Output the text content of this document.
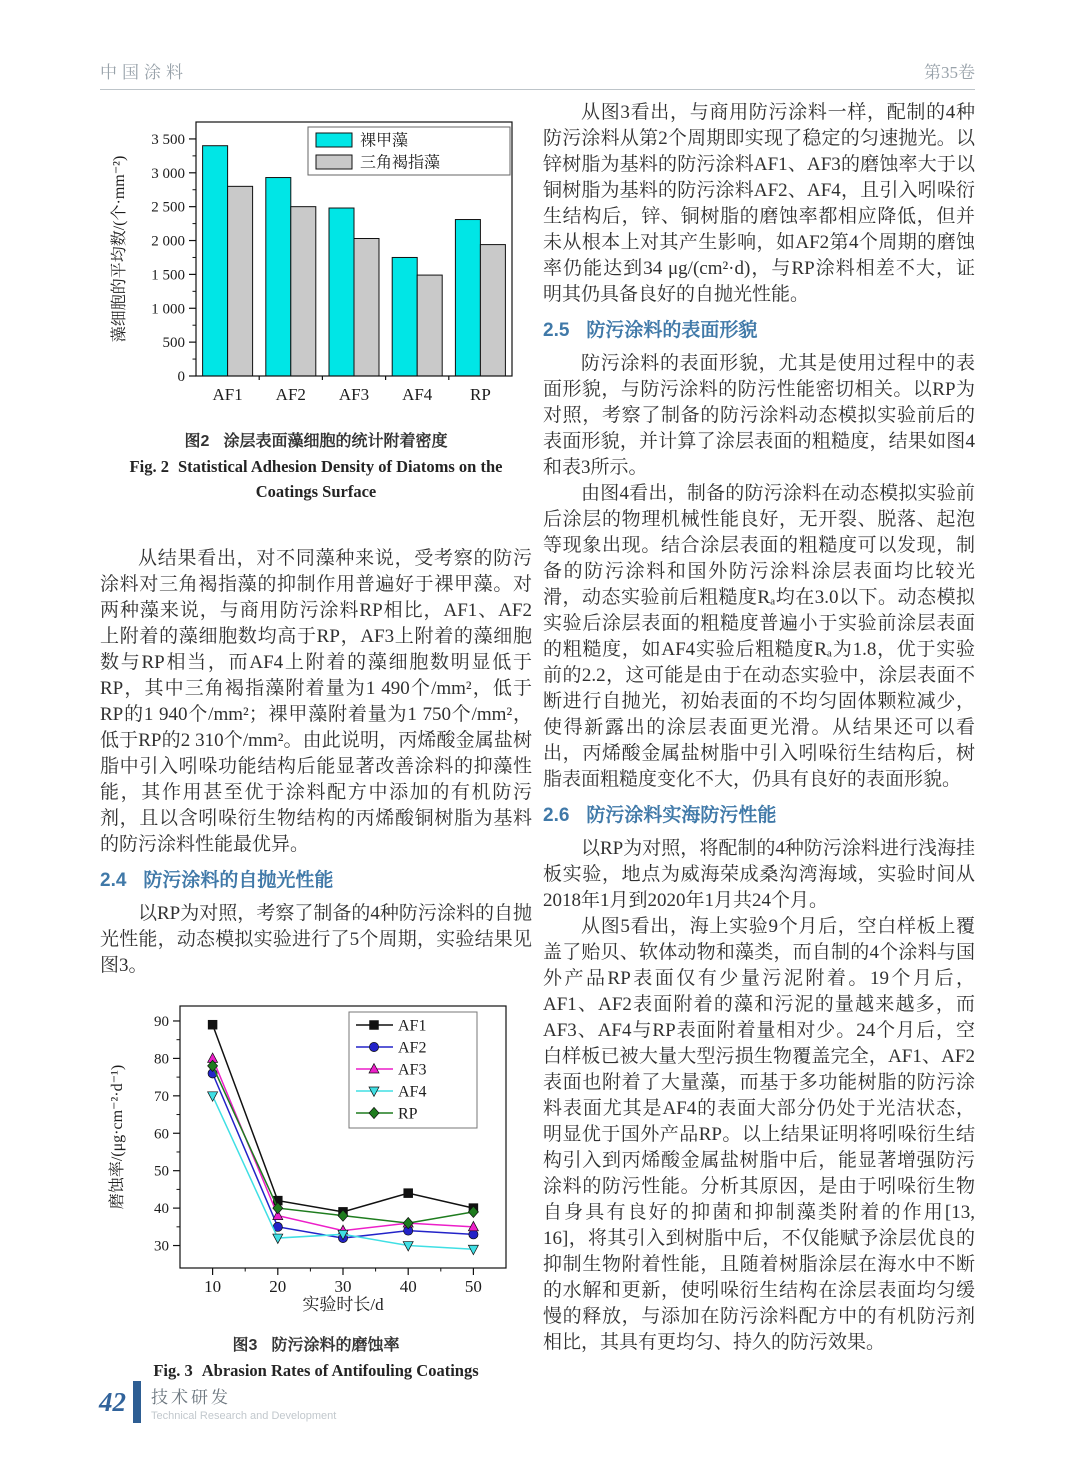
中国涂料	第35卷
0
500
1 000
1 500
2 000
2 500
3 000
3 500
AF1 AF2 AF3 AF4 RP
裸甲藻
三角褐指藻
藻细胞的平均数/(个·mm⁻²)
图2 涂层表面藻细胞的统计附着密度
Fig. 2 Statistical Adhesion Density of Diatoms on the Coatings Surface

从结果看出，对不同藻种来说，受考察的防污涂料对三角褐指藻的抑制作用普遍好于裸甲藻。对两种藻来说，与商用防污涂料RP相比，AF1、AF2上附着的藻细胞数均高于RP，AF3上附着的藻细胞数与RP相当，而AF4上附着的藻细胞数明显低于RP，其中三角褐指藻附着量为1 490个/mm²，低于RP的1 940个/mm²；裸甲藻附着量为1 750个/mm²，低于RP的2 310个/mm²。由此说明，丙烯酸金属盐树脂中引入吲哚功能结构后能显著改善涂料的抑藻性能，其作用甚至优于涂料配方中添加的有机防污剂，且以含吲哚衍生物结构的丙烯酸铜树脂为基料的防污涂料性能最优异。

2.4 防污涂料的自抛光性能

以RP为对照，考察了制备的4种防污涂料的自抛光性能，动态模拟实验进行了5个周期，实验结果见图3。

30
40
50
60
70
80
90
10	20	30	40	50
AF1
AF2
AF3
AF4
RP
实验时长/d
磨蚀率/(μg·cm⁻²·d⁻¹)
图3 防污涂料的磨蚀率
Fig. 3 Abrasion Rates of Antifouling Coatings

从图3看出，与商用防污涂料一样，配制的4种防污涂料从第2个周期即实现了稳定的匀速抛光。以锌树脂为基料的防污涂料AF1、AF3的磨蚀率大于以铜树脂为基料的防污涂料AF2、AF4，且引入吲哚衍生结构后，锌、铜树脂的磨蚀率都相应降低，但并未从根本上对其产生影响，如AF2第4个周期的磨蚀率仍能达到34 μg/(cm²·d)，与RP涂料相差不大，证明其仍具备良好的自抛光性能。

2.5 防污涂料的表面形貌

防污涂料的表面形貌，尤其是使用过程中的表面形貌，与防污涂料的防污性能密切相关。以RP为对照，考察了制备的防污涂料动态模拟实验前后的表面形貌，并计算了涂层表面的粗糙度，结果如图4和表3所示。

由图4看出，制备的防污涂料在动态模拟实验前后涂层的物理机械性能良好，无开裂、脱落、起泡等现象出现。结合涂层表面的粗糙度可以发现，制备的防污涂料和国外防污涂料涂层表面均比较光滑，动态实验前后粗糙度Rₐ均在3.0以下。动态模拟实验后涂层表面的粗糙度普遍小于实验前涂层表面的粗糙度，如AF4实验后粗糙度Rₐ为1.8，优于实验前的2.2，这可能是由于在动态实验中，涂层表面不断进行自抛光，初始表面的不均匀固体颗粒减少，使得新露出的涂层表面更光滑。从结果还可以看出，丙烯酸金属盐树脂中引入吲哚衍生结构后，树脂表面粗糙度变化不大，仍具有良好的表面形貌。

2.6 防污涂料实海防污性能

以RP为对照，将配制的4种防污涂料进行浅海挂板实验，地点为威海荣成桑沟湾海域，实验时间从2018年1月到2020年1月共24个月。

从图5看出，海上实验9个月后，空白样板上覆盖了贻贝、软体动物和藻类，而自制的4个涂料与国外产品RP表面仅有少量污泥附着。19个月后，AF1、AF2表面附着的藻和污泥的量越来越多，而AF3、AF4与RP表面附着量相对少。24个月后，空白样板已被大量大型污损生物覆盖完全，AF1、AF2表面也附着了大量藻，而基于多功能树脂的防污涂料表面尤其是AF4的表面大部分仍处于光洁状态，明显优于国外产品RP。以上结果证明将吲哚衍生结构引入到丙烯酸金属盐树脂中后，能显著增强防污涂料的防污性能。分析其原因，是由于吲哚衍生物自身具有良好的抑菌和抑制藻类附着的作用[13, 16]，将其引入到树脂中后，不仅能赋予涂层优良的抑制生物附着性能，且随着树脂涂层在海水中不断的水解和更新，使吲哚衍生结构在涂层表面均匀缓慢的释放，与添加在防污涂料配方中的有机防污剂相比，其具有更均匀、持久的防污效果。

42 技术研发
Technical Research and Development
